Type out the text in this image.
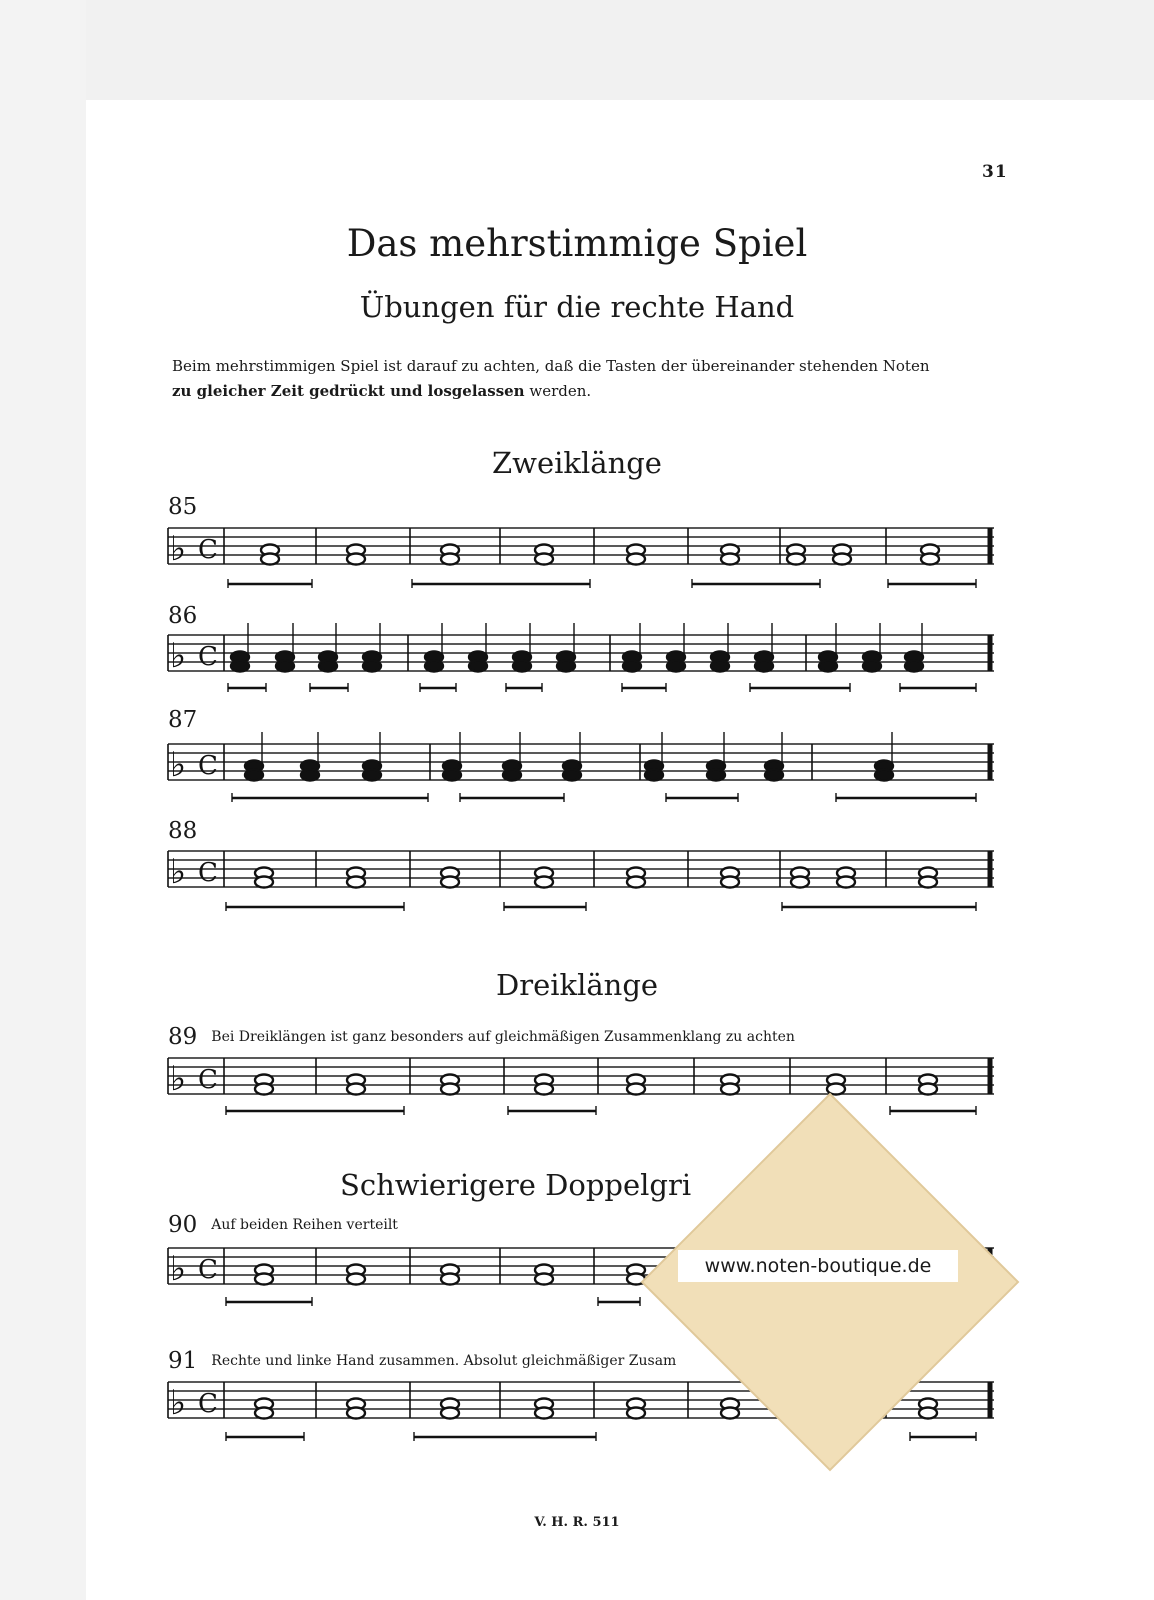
31
Das mehrstimmige Spiel
Übungen für die rechte Hand
Beim mehrstimmigen Spiel ist darauf zu achten, daß die Tasten der übereinander stehenden Noten
zu gleicher Zeit gedrückt und losgelassen werden.
Zweiklänge
Dreiklänge
Schwierigere Doppelgri
85
86
87
88
89 Bei Dreiklängen ist ganz besonders auf gleichmäßigen Zusammenklang zu achten
90 Auf beiden Reihen verteilt
91 Rechte und linke Hand zusammen. Absolut gleichmäßiger Zusam
♭ C
♭ C
♭ C
♭ C
♭ C
♭ C
♭ C
www.noten-boutique.de
V. H. R. 511
